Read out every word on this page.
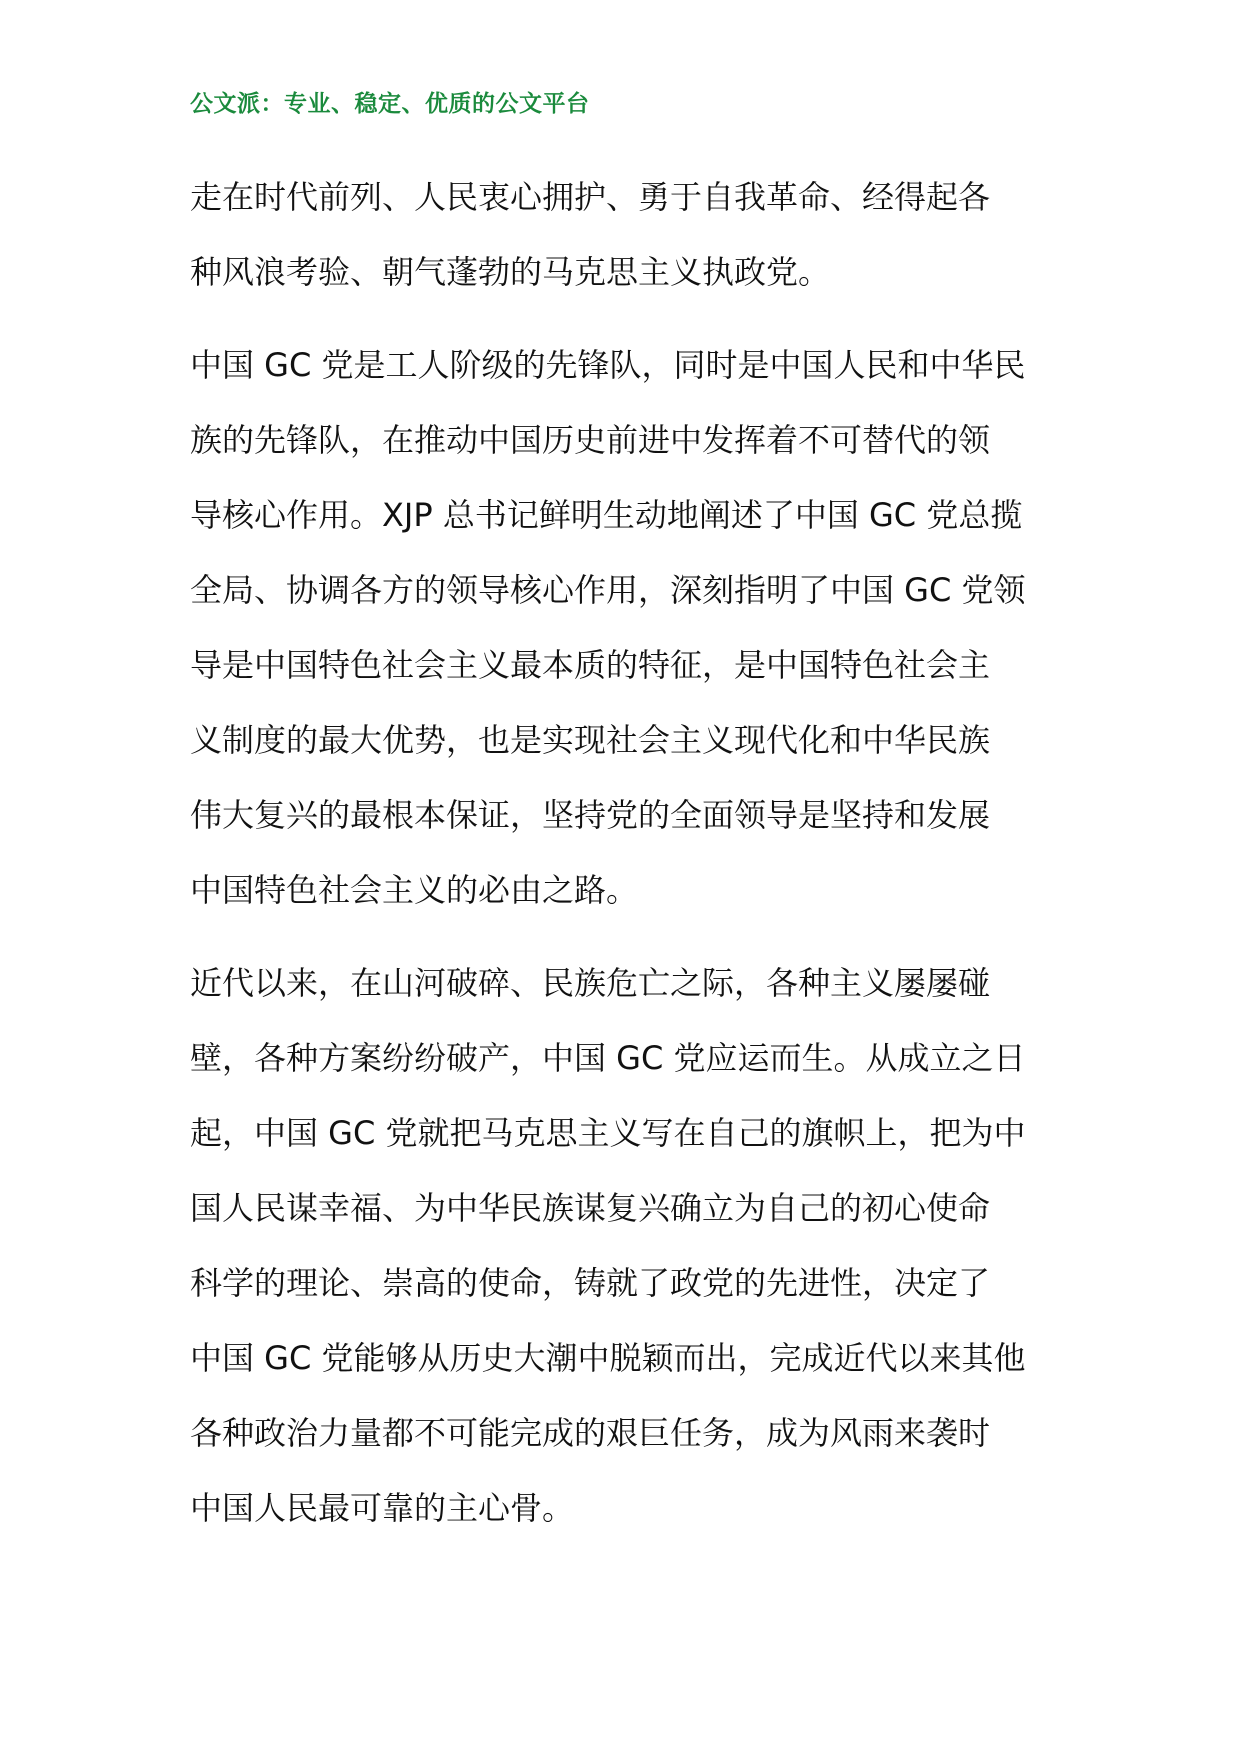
公文派：专业、稳定、优质的公文平台

走在时代前列、人民衷心拥护、勇于自我革命、经得起各
种风浪考验、朝气蓬勃的马克思主义执政党。

中国 GC 党是工人阶级的先锋队，同时是中国人民和中华民
族的先锋队，在推动中国历史前进中发挥着不可替代的领
导核心作用。XJP 总书记鲜明生动地阐述了中国 GC 党总揽
全局、协调各方的领导核心作用，深刻指明了中国 GC 党领
导是中国特色社会主义最本质的特征，是中国特色社会主
义制度的最大优势，也是实现社会主义现代化和中华民族
伟大复兴的最根本保证，坚持党的全面领导是坚持和发展
中国特色社会主义的必由之路。

近代以来，在山河破碎、民族危亡之际，各种主义屡屡碰
壁，各种方案纷纷破产，中国 GC 党应运而生。从成立之日
起，中国 GC 党就把马克思主义写在自己的旗帜上，把为中
国人民谋幸福、为中华民族谋复兴确立为自己的初心使命
科学的理论、崇高的使命，铸就了政党的先进性，决定了
中国 GC 党能够从历史大潮中脱颖而出，完成近代以来其他
各种政治力量都不可能完成的艰巨任务，成为风雨来袭时
中国人民最可靠的主心骨。
